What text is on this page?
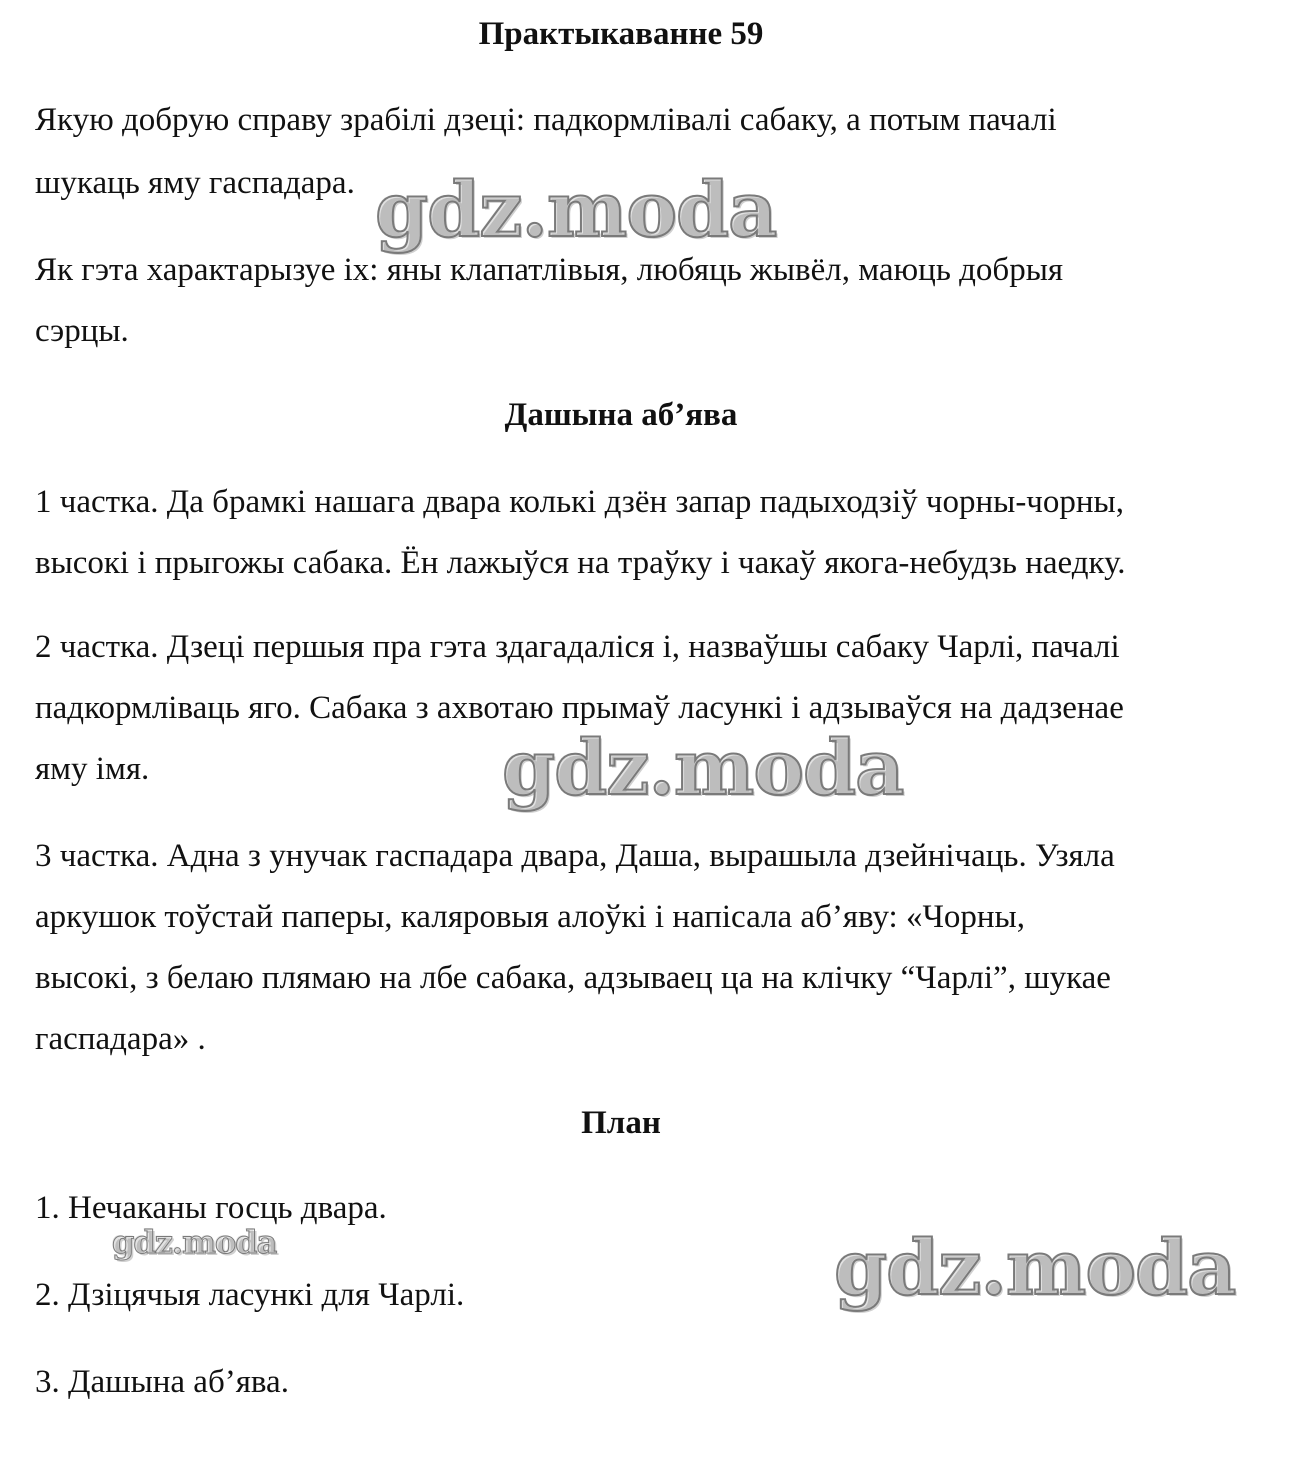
Практыкаванне 59

Якую добрую справу зрабілі дзеці: падкормлівалі сабаку, а потым пачалі

шукаць яму гаспадара.

Як гэта характарызуе іх: яны клапатлівыя, любяць жывёл, маюць добрыя

сэрцы.

Дашына аб’ява

1 частка. Да брамкі нашага двара колькі дзён запар падыходзіў чорны-чорны,

высокі і прыгожы сабака. Ён лажыўся на траўку і чакаў якога-небудзь наедку.

2 частка. Дзеці першыя пра гэта здагадаліся і, назваўшы сабаку Чарлі, пачалі

падкормліваць яго. Сабака з ахвотаю прымаў ласункі і адзываўся на дадзенае

яму імя.

3 частка. Адна з унучак гаспадара двара, Даша, вырашыла дзейнічаць. Узяла

аркушок тоўстай паперы, каляровыя алоўкі і напісала аб’яву: «Чорны,

высокі, з белаю плямаю на лбе сабака, адзываец ца на клічку “Чарлі”, шукае

гаспадара» .

План

1. Нечаканы госць двара.

2. Дзіцячыя ласункі для Чарлі.

3. Дашына аб’ява.

gdz.moda
gdz.moda
gdz.moda	gdz.moda
